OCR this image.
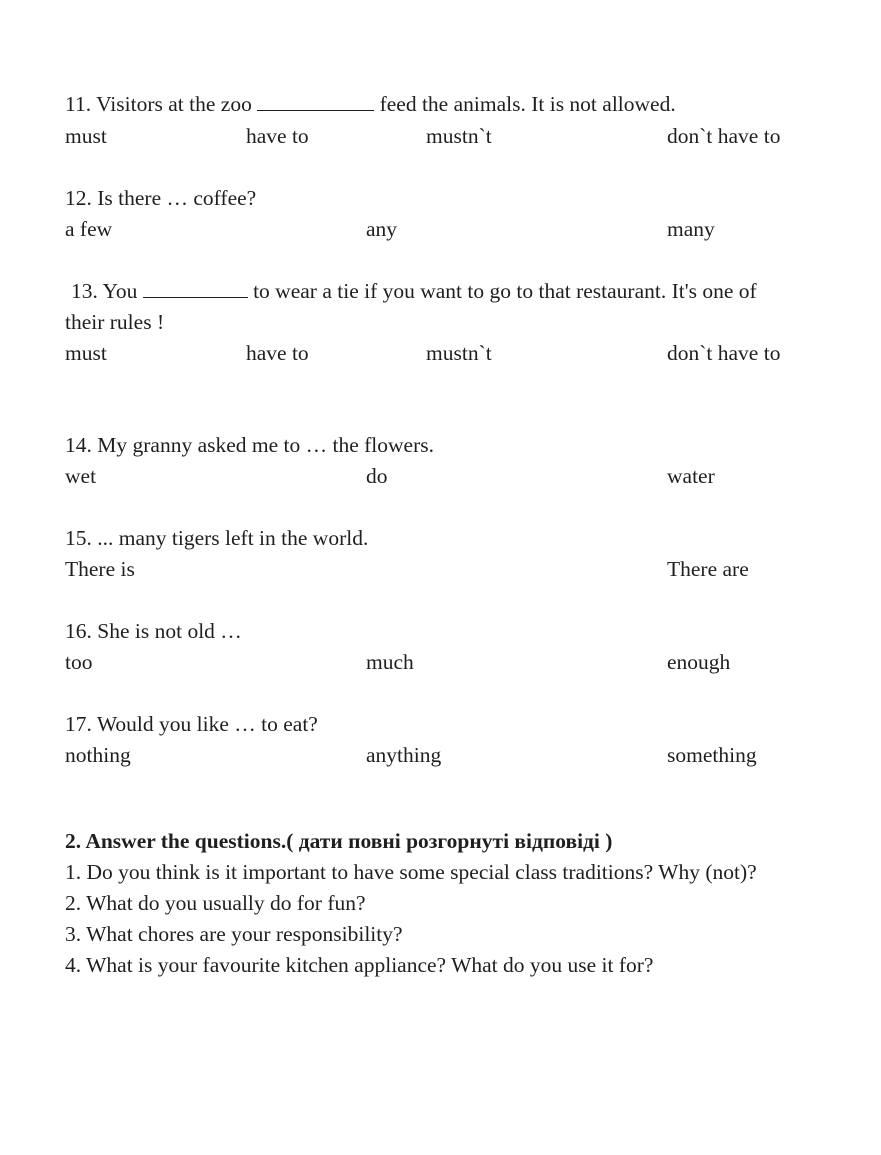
11. Visitors at the zoo	feed the animals. It is not allowed.
must	have to	mustn`t	don`t have to
12. Is there … coffee?
a few	any	many
13. You	to wear a tie if you want to go to that restaurant. It's one of
their rules !
must	have to	mustn`t	don`t have to
14. My granny asked me to … the flowers.
wet	do	water
15. ... many tigers left in the world.
There is	There are
16. She is not old …
too	much	enough
17. Would you like … to eat?
nothing	anything	something
2. Answer the questions.( дати повні розгорнуті відповіді )
1. Do you think is it important to have some special class traditions? Why (not)?
2. What do you usually do for fun?
3. What chores are your responsibility?
4. What is your favourite kitchen appliance? What do you use it for?
